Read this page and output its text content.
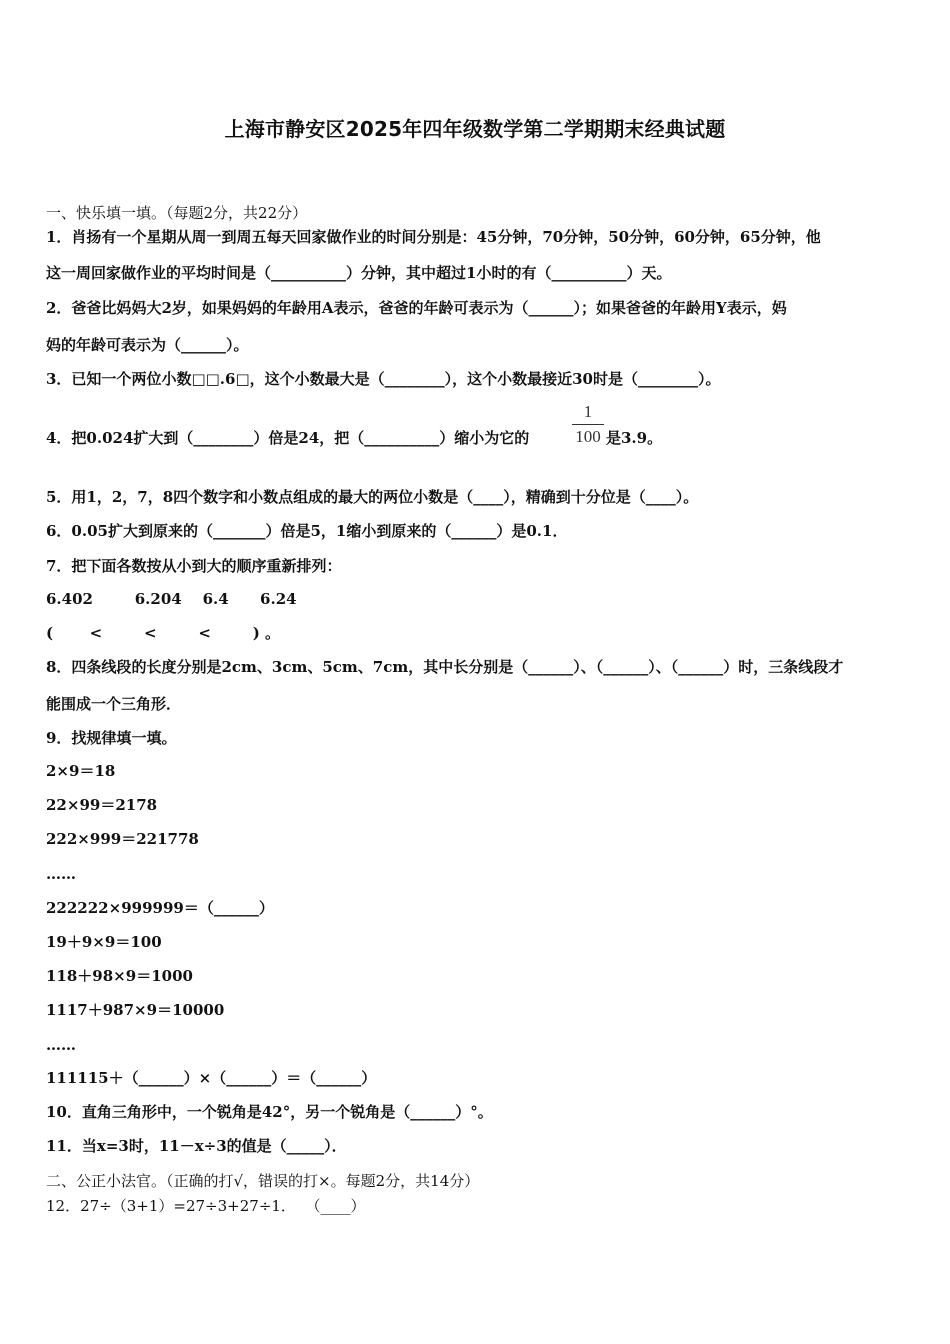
上海市静安区2025年四年级数学第二学期期末经典试题
一、快乐填一填。（每题2分，共22分）
1．肖扬有一个星期从周一到周五每天回家做作业的时间分别是：45分钟，70分钟，50分钟，60分钟，65分钟，他
这一周回家做作业的平均时间是（__________）分钟，其中超过1小时的有（__________）天。
2．爸爸比妈妈大2岁，如果妈妈的年龄用A表示，爸爸的年龄可表示为（______）；如果爸爸的年龄用Y表示，妈
妈的年龄可表示为（______）。
3．已知一个两位小数□□.6□，这个小数最大是（________），这个小数最接近30时是（________）。
4．把0.024扩大到（________）倍是24，把（__________）缩小为它的
1
100 是3.9。
5．用1，2，7，8四个数字和小数点组成的最大的两位小数是（____），精确到十分位是（____）。
6．0.05扩大到原来的（_______）倍是5，1缩小到原来的（______）是0.1．
7．把下面各数按从小到大的顺序重新排列：
6.402        6.204    6.4      6.24
(       <        <        <        ) 。
8．四条线段的长度分别是2cm、3cm、5cm、7cm，其中长分别是（______）、（______）、（______）时，三条线段才
能围成一个三角形．
9．找规律填一填。
2×9＝18
22×99＝2178
222×999＝221778
……
222222×999999＝（______）
19＋9×9＝100
118＋98×9＝1000
1117＋987×9＝10000
……
111115＋（______）×（______）＝（______）
10．直角三角形中，一个锐角是42°，另一个锐角是（______）°。
11．当x=3时，11－x÷3的值是（_____）．
二、公正小法官。（正确的打√，错误的打×。每题2分，共14分）
12．27÷（3+1）=27÷3+27÷1．  （____）
